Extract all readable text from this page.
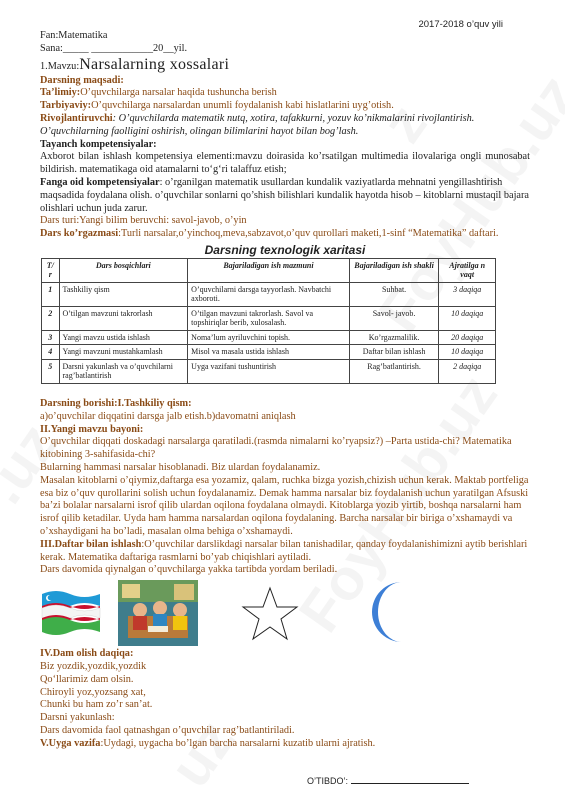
2017-2018 o’quv yili

Fan:Matematika

Sana:_____ ____________20__yil.

1.Mavzu:Narsalarning xossalari

Darsning maqsadi:

Ta’limiy:O’quvchilarga narsalar haqida tushuncha berish

Tarbiyaviy:O’quvchilarga narsalardan unumli foydalanish kabi hislatlarini uyg’otish.

Rivojlantiruvchi: O’quvchilarda matematik nutq, xotira, tafakkurni, yozuv ko’nikmalarini rivojlantirish.

O’quvchilarning faolligini oshirish, olingan bilimlarini hayot bilan bog’lash.

Tayanch kompetensiyalar:

Axborot bilan ishlash kompetensiya elementi:mavzu doirasida ko’rsatilgan multimedia ilovalariga ongli munosabat bildirish. matematikaga oid atamalarni to‘g‘ri talaffuz etish;

Fanga oid kompetensiyalar: o’rganilgan matematik usullardan kundalik vaziyatlarda mehnatni yengillashtirish maqsadida foydalana olish. o’quvchilar sonlarni qo’shish bilishlari kundalik hayotda hisob – kitoblarni mustaqil bajara olishlari uchun juda zarur.

Dars turi:Yangi bilim beruvchi: savol-javob, o’yin

Dars ko’rgazmasi:Turli narsalar,o’yinchoq,meva,sabzavot,o’quv qurollari maketi,1-sinf “Matematika” daftari.

Darsning texnologik xaritasi
T/ r	Dars bosqichlari	Bajariladigan ish mazmuni	Bajariladigan ish shakli	Ajratilga n vaqt
1	Tashkiliy qism	O’quvchilarni darsga tayyorlash. Navbatchi axboroti.	Suhbat.	3 daqiqa
2	O’tilgan mavzuni takrorlash	O’tilgan mavzuni takrorlash. Savol va topshiriqlar berib, xulosalash.	Savol- javob.	10 daqiqa
3	Yangi mavzu ustida ishlash	Noma’lum ayriluvchini topish.	Ko’rgazmalilik.	20 daqiqa
4	Yangi mavzuni mustahkamlash	Misol va masala ustida ishlash	Daftar bilan ishlash	10 daqiqa
5	Darsni yakunlash va o’quvchilarni rag’batlantirish	Uyga vazifani tushuntirish	Rag’batlantirish.	2 daqiqa

Darsning borishi:I.Tashkiliy qism:

a)o’quvchilar diqqatini darsga jalb etish.b)davomatni aniqlash

II.Yangi mavzu bayoni:

O’quvchilar diqqati doskadagi narsalarga qaratiladi.(rasmda nimalarni ko’ryapsiz?) –Parta ustida-chi? Matematika kitobining 3-sahifasida-chi?

Bularning hammasi narsalar hisoblanadi. Biz ulardan foydalanamiz.

Masalan kitoblarni o’qiymiz,daftarga esa yozamiz, qalam, ruchka bizga yozish,chizish uchun kerak. Maktab portfeliga esa biz o’quv qurollarini solish uchun foydalanamiz. Demak hamma narsalar biz foydalanish uchun yaratilgan Afsuski ba’zi bolalar narsalarni isrof qilib ulardan oqilona foydalana olmaydi. Kitoblarga yozib yirtib, boshqa narsalarni ham isrof qilib ketadilar. Uyda ham hamma narsalardan oqilona foydalaning. Barcha narsalar bir biriga o’xshamaydi va o’xshaydigani ha bo’ladi, masalan olma behiga o’xshamaydi.

III.Daftar bilan ishlash:O’quvchilar darslikdagi narsalar bilan tanishadilar, qanday foydalanishimizni aytib berishlari kerak. Matematika daftariga rasmlarni bo’yab chiqishlari aytiladi.

Dars davomida qiynalgan o’quvchilarga yakka tartibda yordam beriladi.

IV.Dam olish daqiqa:

Biz yozdik,yozdik,yozdik

Qo‘llarimiz dam olsin.

Chiroyli yoz,yozsang xat,

Chunki bu ham zo’r san’at.

Darsni yakunlash:

Dars davomida faol qatnashgan o’quvchilar rag’batlantiriladi.

V.Uyga vazifa:Uydagi, uygacha bo’lgan barcha narsalarni kuzatib ularni ajratish.

O’TIBDO’:
